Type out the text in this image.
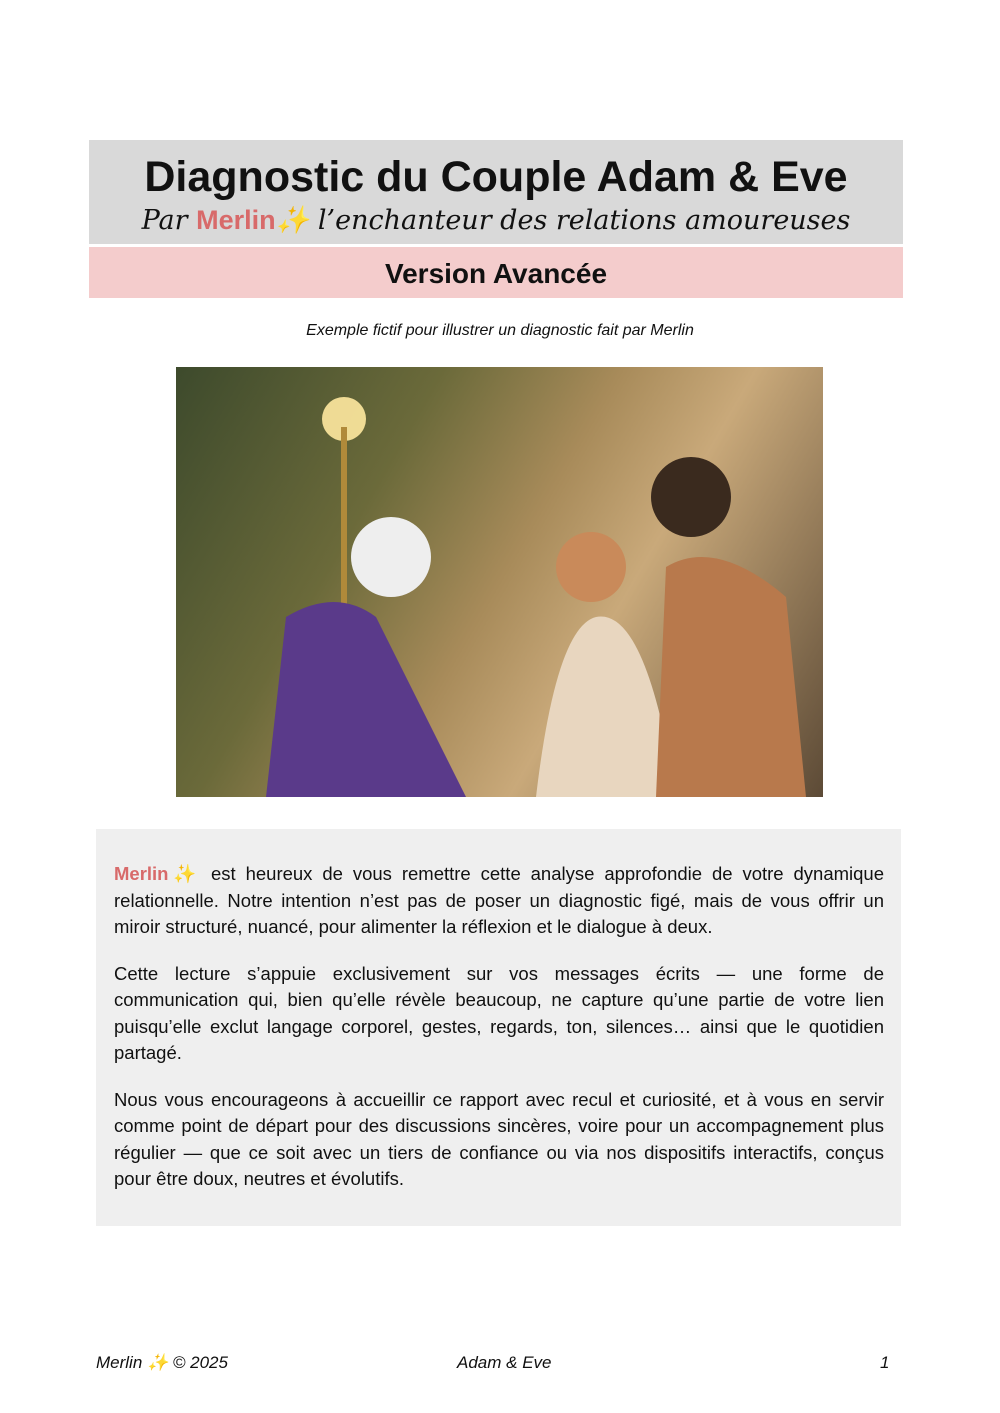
Diagnostic du Couple Adam & Eve
Par Merlin✨ l’enchanteur des relations amoureuses
Version Avancée
Exemple fictif pour illustrer un diagnostic fait par Merlin

Merlin✨ est heureux de vous remettre cette analyse approfondie de votre dynamique relationnelle. Notre intention n’est pas de poser un diagnostic figé, mais de vous offrir un miroir structuré, nuancé, pour alimenter la réflexion et le dialogue à deux.

Cette lecture s’appuie exclusivement sur vos messages écrits — une forme de communication qui, bien qu’elle révèle beaucoup, ne capture qu’une partie de votre lien puisqu’elle exclut langage corporel, gestes, regards, ton, silences… ainsi que le quotidien partagé.

Nous vous encourageons à accueillir ce rapport avec recul et curiosité, et à vous en servir comme point de départ pour des discussions sincères, voire pour un accompagnement plus régulier — que ce soit avec un tiers de confiance ou via nos dispositifs interactifs, conçus pour être doux, neutres et évolutifs.

Merlin ✨ © 2025	Adam & Eve	1
